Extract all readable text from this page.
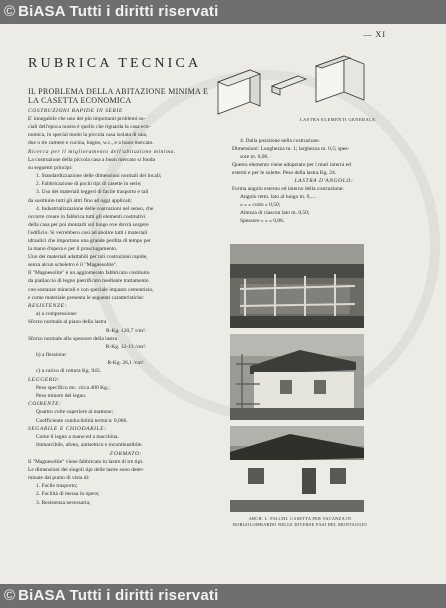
© BiASA Tutti i diritti riservati
— XI
RUBRICA TECNICA
IL PROBLEMA DELLA ABITAZIONE MINIMA E LA CASETTA ECONOMICA

COSTRUZIONI RAPIDE IN SERIE

E' innegabile che uno dei più importanti problemi so-

ciali dell'epoca nostra è quello che riguarda la casa eco-

nomica, in special modo la piccola casa isolata di una,

due o tre camere e cucina, bagno, w.c., e a buon mercato.

Ricerca per il miglioramento dell'abitazione minima.

La costruzione della piccola casa a buon mercato si fonda

su seguenti principi:

1. Standardizzazione delle dimensioni normali dei locali;

2. Fabbricazione di pochi tipi di casette in serie;

3. Uso dei materiali leggeri di facile trasporto e tali

da sostituire tutti gli altri fino ad oggi applicati;

4. Industrializzazione delle costruzioni nel senso, che

occorre creare in fabbrica tutti gli elementi costitutivi

della casa per poi montarli sul luogo ove dovrà sorgere

l'edificio. Si verrebbero così ad abolire tutti i materiali

idraulici che importano una grande perdita di tempo per

la mano d'opera e per il prosciugamento.

Uno dei materiali adattabili per tali costruzioni rapide,

senza alcun scheletro è il "Magnesolite".

Il "Magnesolite" è un agglomerato fabbricato costituito

da piallaccio di legno pietrificato mediante trattamento

con sostanze minerali e con speciale impasto cementizio,

e come materiale presenta le seguenti caratteristiche:

RESISTENZE:

a) a compressione:

Sforzo normale al piano della lastra

R-Kg. 120,7 /cm².

Sforzo normale allo spessore della lastra

R-Kg. 12-13 /cm².

b) a flessione:

R-Kg. 26,1 /cm².

c) a carico di rottura Kg. 943.

LEGGERO:

Peso specifico mc. circa 400 Kg.;

Peso minore del legno.

COIBENTE:

Quattro volte superiore al mattone;

Coefficiente conducibilità termica: 0,066.

SEGABILE E CHIODABILE:

Come il legno a mano ed a macchina.

Immarcibile, afono, antisettico e incombustibile.

FORMATO:

Il "Magnesolite" viene fabbricato in lastre di tre tipi.

Le dimensioni dei singoli tipi delle lastre sono deter-

minate dal punto di vista di:

1. Facile trasporto;

2. Facilità di messa in opera;

3. Resistenza necessaria;

LASTRA ELEMENTI GENERALE

4. Dalla posizione nella costruzione.

Dimensioni: Lunghezza m. 1; larghezza m. 0,5; spes-

sore m. 0,06.

Questo elemento viene adoperato per i muri interni ed

esterni e per le solette. Peso della lastra Kg. 24.

LASTRA D'ANGOLO:

Forma angolo esterno ed interno della costruzione:

Angolo retto, lato al lungo m. 0,....

» » » corto » 0,50;

Altezza di ciascun lato m. 0,50;

Spessore » » » 0,06.

ARCH. L. FALCHI: CASETTA PER VACANZA IN BORGOLOMBARDO NELLE DIVERSE FASI DEL MONTAGGIO
© BiASA Tutti i diritti riservati
